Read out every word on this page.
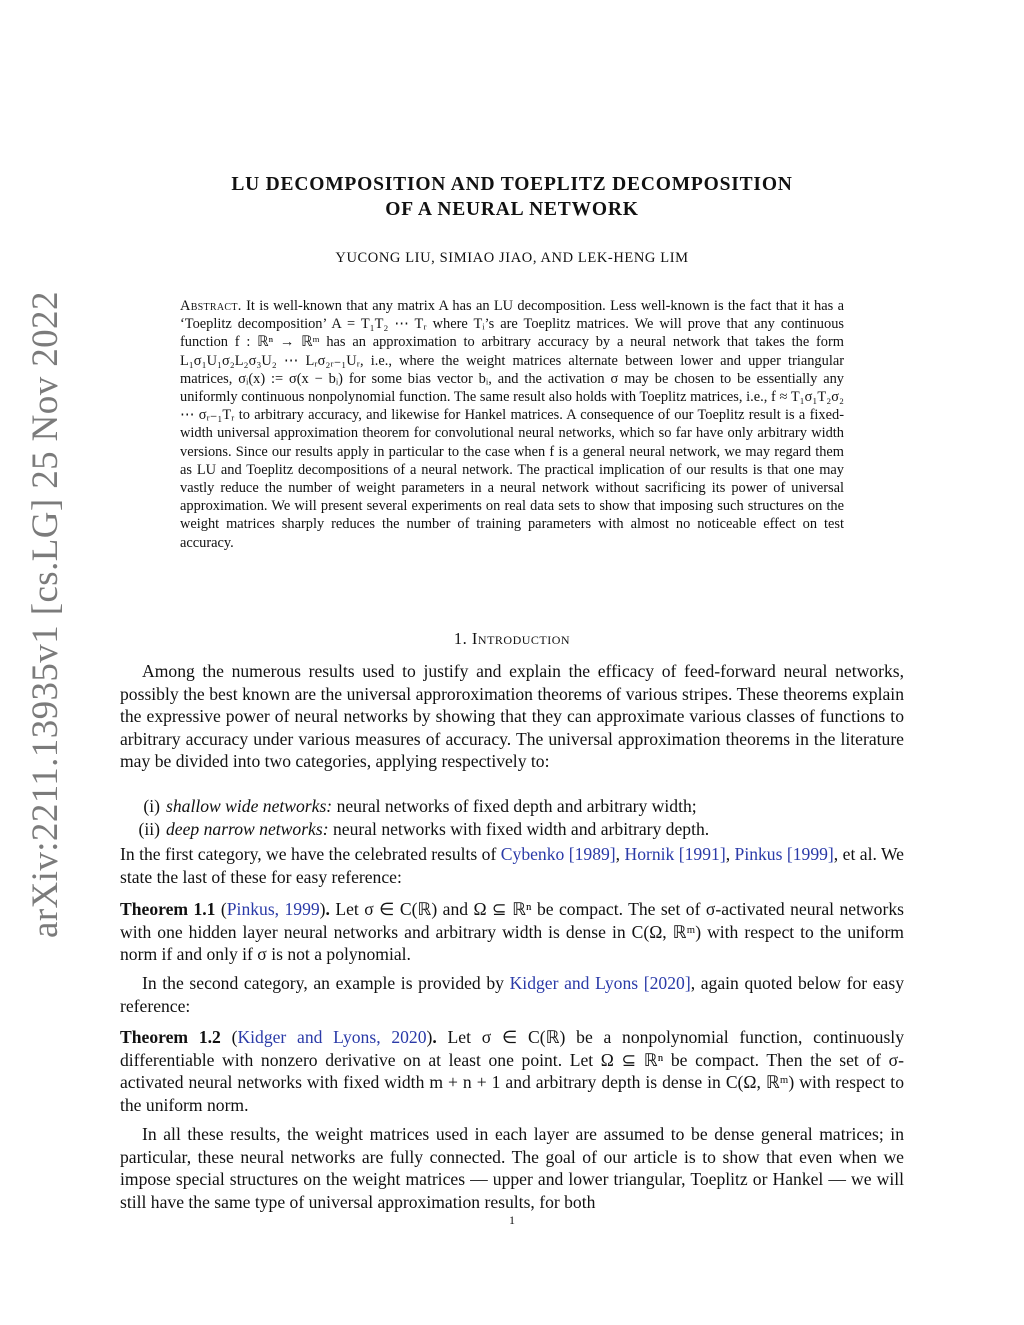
arXiv:2211.13935v1 [cs.LG] 25 Nov 2022
LU DECOMPOSITION AND TOEPLITZ DECOMPOSITION
OF A NEURAL NETWORK
YUCONG LIU, SIMIAO JIAO, AND LEK-HENG LIM
Abstract. It is well-known that any matrix A has an LU decomposition. Less well-known is the fact that it has a ‘Toeplitz decomposition’ A = T₁T₂ ⋯ Tᵣ where Tᵢ’s are Toeplitz matrices. We will prove that any continuous function f : ℝⁿ → ℝᵐ has an approximation to arbitrary accuracy by a neural network that takes the form L₁σ₁U₁σ₂L₂σ₃U₂ ⋯ Lᵣσ₂ᵣ₋₁Uᵣ, i.e., where the weight matrices alternate between lower and upper triangular matrices, σᵢ(x) := σ(x − bᵢ) for some bias vector bᵢ, and the activation σ may be chosen to be essentially any uniformly continuous nonpolynomial function. The same result also holds with Toeplitz matrices, i.e., f ≈ T₁σ₁T₂σ₂ ⋯ σᵣ₋₁Tᵣ to arbitrary accuracy, and likewise for Hankel matrices. A consequence of our Toeplitz result is a fixed-width universal approximation theorem for convolutional neural networks, which so far have only arbitrary width versions. Since our results apply in particular to the case when f is a general neural network, we may regard them as LU and Toeplitz decompositions of a neural network. The practical implication of our results is that one may vastly reduce the number of weight parameters in a neural network without sacrificing its power of universal approximation. We will present several experiments on real data sets to show that imposing such structures on the weight matrices sharply reduces the number of training parameters with almost no noticeable effect on test accuracy.
1. Introduction

Among the numerous results used to justify and explain the efficacy of feed-forward neural networks, possibly the best known are the universal approroximation theorems of various stripes. These theorems explain the expressive power of neural networks by showing that they can approximate various classes of functions to arbitrary accuracy under various measures of accuracy. The universal approximation theorems in the literature may be divided into two categories, applying respectively to:

(i) shallow wide networks: neural networks of fixed depth and arbitrary width;
(ii) deep narrow networks: neural networks with fixed width and arbitrary depth.

In the first category, we have the celebrated results of Cybenko [1989], Hornik [1991], Pinkus [1999], et al. We state the last of these for easy reference:

Theorem 1.1 (Pinkus, 1999). Let σ ∈ C(ℝ) and Ω ⊆ ℝⁿ be compact. The set of σ-activated neural networks with one hidden layer neural networks and arbitrary width is dense in C(Ω, ℝᵐ) with respect to the uniform norm if and only if σ is not a polynomial.

In the second category, an example is provided by Kidger and Lyons [2020], again quoted below for easy reference:

Theorem 1.2 (Kidger and Lyons, 2020). Let σ ∈ C(ℝ) be a nonpolynomial function, continuously differentiable with nonzero derivative on at least one point. Let Ω ⊆ ℝⁿ be compact. Then the set of σ-activated neural networks with fixed width m + n + 1 and arbitrary depth is dense in C(Ω, ℝᵐ) with respect to the uniform norm.

In all these results, the weight matrices used in each layer are assumed to be dense general matrices; in particular, these neural networks are fully connected. The goal of our article is to show that even when we impose special structures on the weight matrices — upper and lower triangular, Toeplitz or Hankel — we will still have the same type of universal approximation results, for both

1
